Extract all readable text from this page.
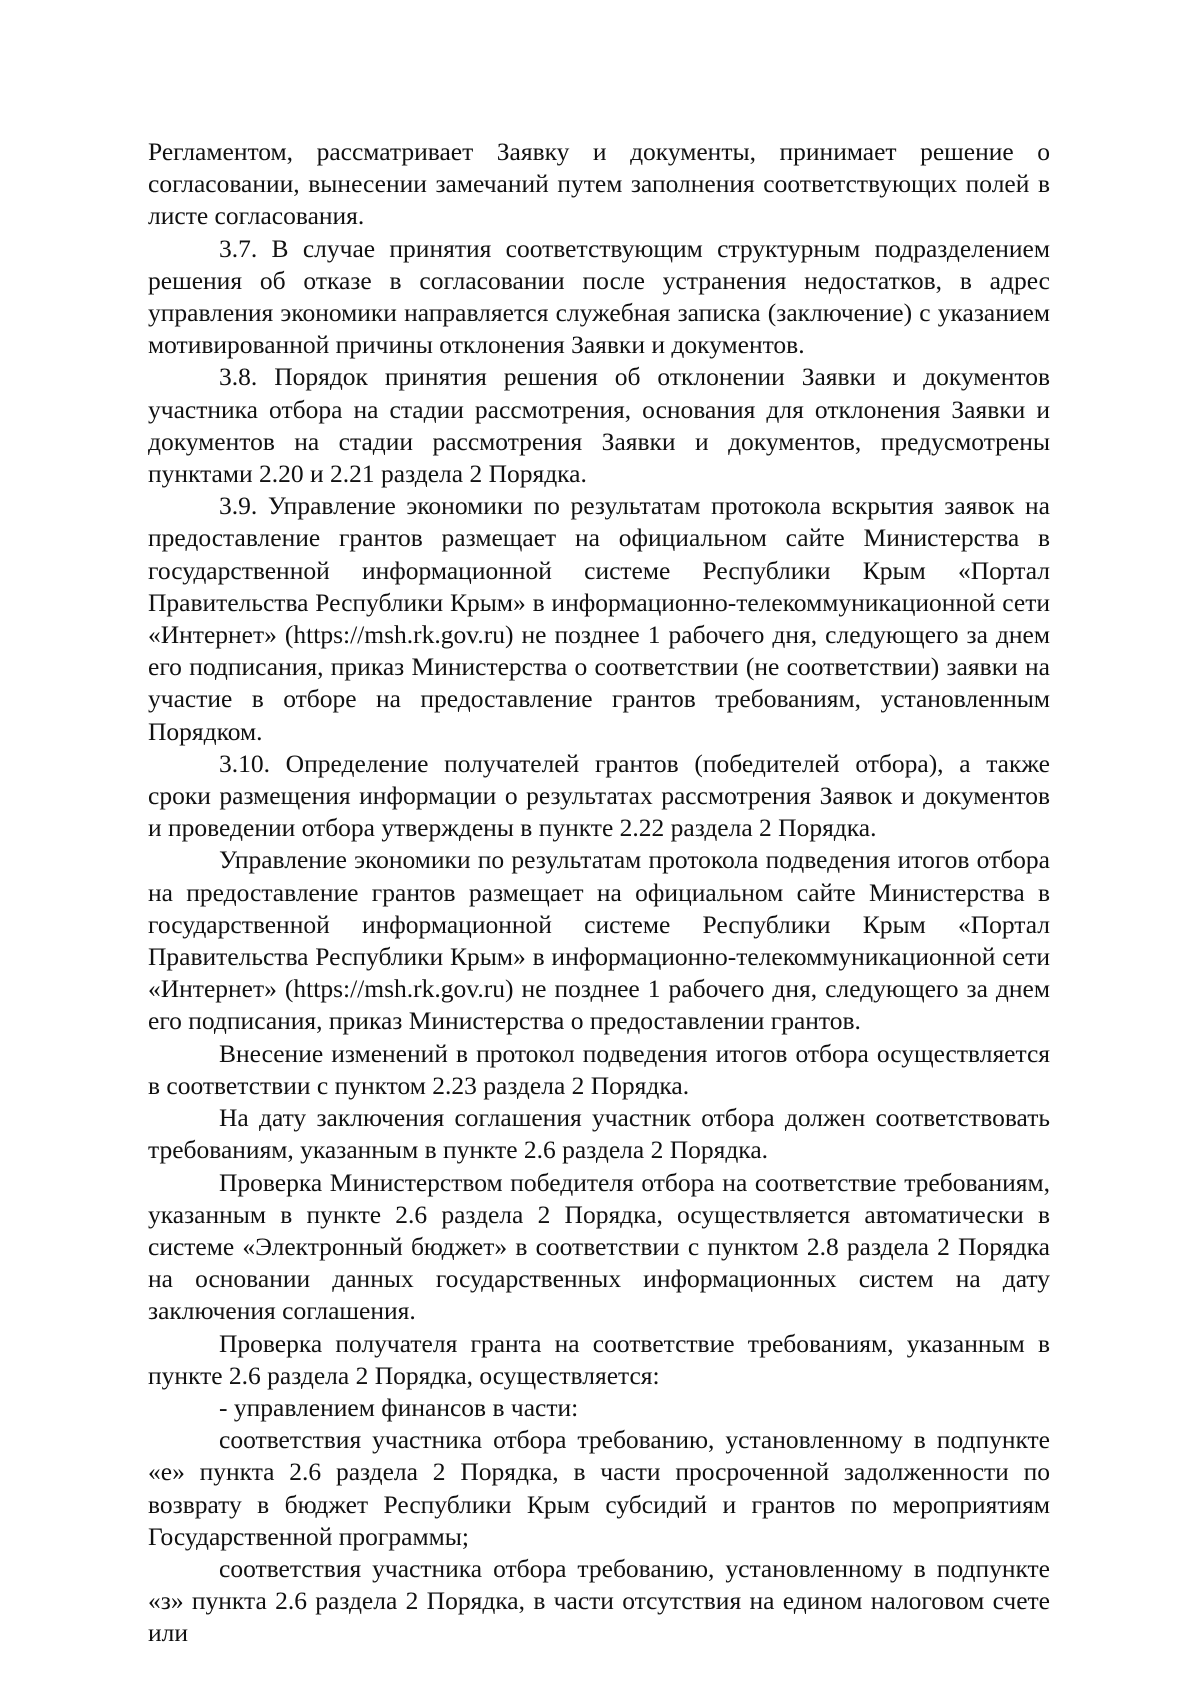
Регламентом, рассматривает Заявку и документы, принимает решение о согласовании, вынесении замечаний путем заполнения соответствующих полей в листе согласования.

3.7. В случае принятия соответствующим структурным подразделением решения об отказе в согласовании после устранения недостатков, в адрес управления экономики направляется служебная записка (заключение) с указанием мотивированной причины отклонения Заявки и документов.

3.8. Порядок принятия решения об отклонении Заявки и документов участника отбора на стадии рассмотрения, основания для отклонения Заявки и документов на стадии рассмотрения Заявки и документов, предусмотрены пунктами 2.20 и 2.21 раздела 2 Порядка.

3.9. Управление экономики по результатам протокола вскрытия заявок на предоставление грантов размещает на официальном сайте Министерства в государственной информационной системе Республики Крым «Портал Правительства Республики Крым» в информационно-телекоммуникационной сети «Интернет» (https://msh.rk.gov.ru) не позднее 1 рабочего дня, следующего за днем его подписания, приказ Министерства о соответствии (не соответствии) заявки на участие в отборе на предоставление грантов требованиям, установленным Порядком.

3.10. Определение получателей грантов (победителей отбора), а также сроки размещения информации о результатах рассмотрения Заявок и документов и проведении отбора утверждены в пункте 2.22 раздела 2 Порядка.

Управление экономики по результатам протокола подведения итогов отбора на предоставление грантов размещает на официальном сайте Министерства в государственной информационной системе Республики Крым «Портал Правительства Республики Крым» в информационно-телекоммуникационной сети «Интернет» (https://msh.rk.gov.ru) не позднее 1 рабочего дня, следующего за днем его подписания, приказ Министерства о предоставлении грантов.

Внесение изменений в протокол подведения итогов отбора осуществляется в соответствии с пунктом 2.23 раздела 2 Порядка.

На дату заключения соглашения участник отбора должен соответствовать требованиям, указанным в пункте 2.6 раздела 2 Порядка.

Проверка Министерством победителя отбора на соответствие требованиям, указанным в пункте 2.6 раздела 2 Порядка, осуществляется автоматически в системе «Электронный бюджет» в соответствии с пунктом 2.8 раздела 2 Порядка на основании данных государственных информационных систем на дату заключения соглашения.

Проверка получателя гранта на соответствие требованиям, указанным в пункте 2.6 раздела 2 Порядка, осуществляется:

- управлением финансов в части:

соответствия участника отбора требованию, установленному в подпункте «е» пункта 2.6 раздела 2 Порядка, в части просроченной задолженности по возврату в бюджет Республики Крым субсидий и грантов по мероприятиям Государственной программы;

соответствия участника отбора требованию, установленному в подпункте «з» пункта 2.6 раздела 2 Порядка, в части отсутствия на едином налоговом счете или
